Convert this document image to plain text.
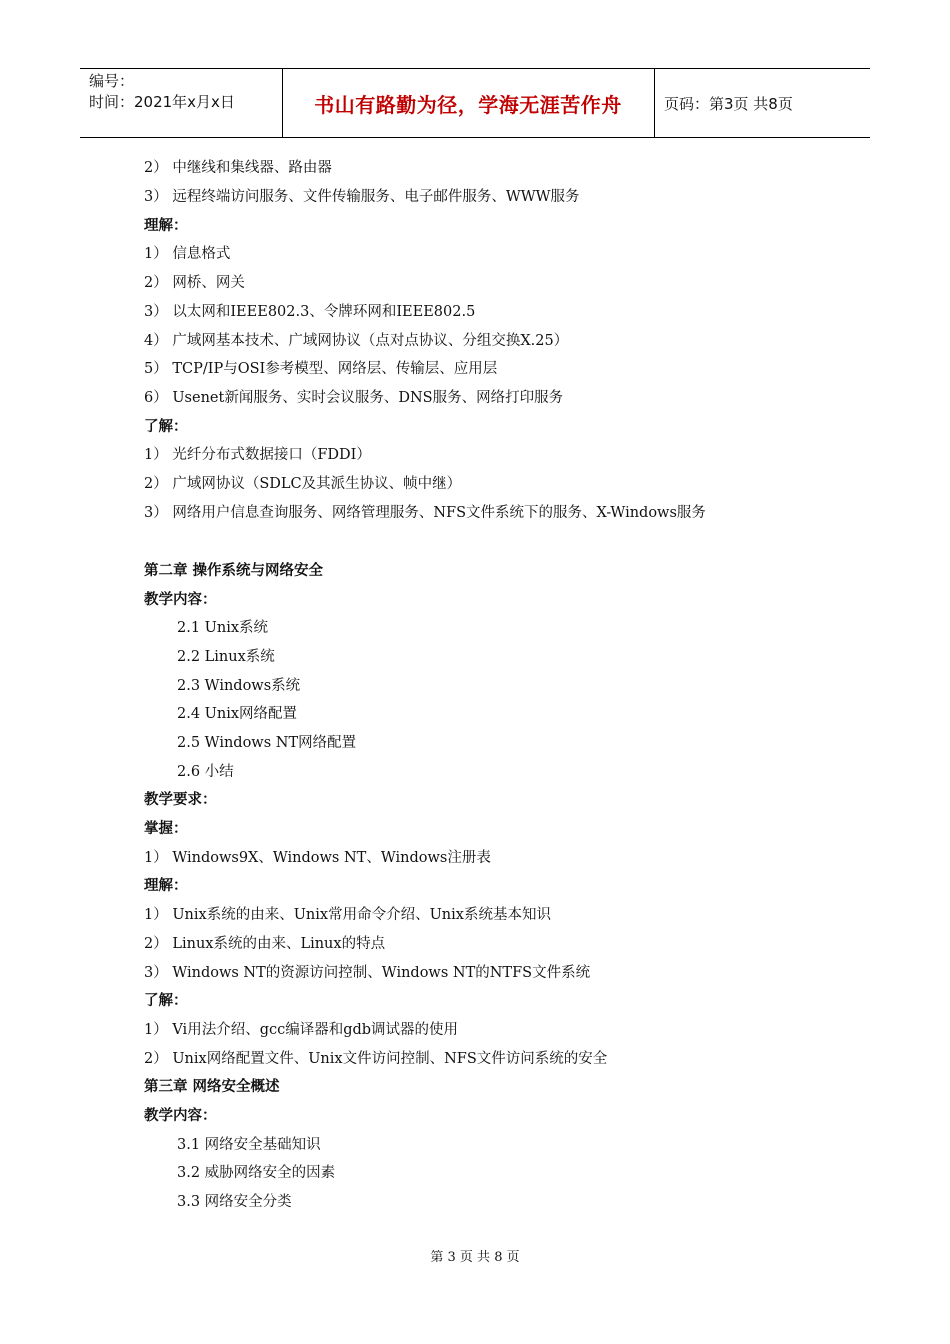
编号：
时间：2021年x月x日	书山有路勤为径，学海无涯苦作舟	页码：第3页 共8页
2） 中继线和集线器、路由器
3） 远程终端访问服务、文件传输服务、电子邮件服务、WWW服务
理解：
1） 信息格式
2） 网桥、网关
3） 以太网和IEEE802.3、令牌环网和IEEE802.5
4） 广域网基本技术、广域网协议（点对点协议、分组交换X.25）
5） TCP/IP与OSI参考模型、网络层、传输层、应用层
6） Usenet新闻服务、实时会议服务、DNS服务、网络打印服务
了解：
1） 光纤分布式数据接口（FDDI）
2） 广域网协议（SDLC及其派生协议、帧中继）
3） 网络用户信息查询服务、网络管理服务、NFS文件系统下的服务、X-Windows服务
第二章 操作系统与网络安全
教学内容：
2.1 Unix系统
2.2 Linux系统
2.3 Windows系统
2.4 Unix网络配置
2.5 Windows NT网络配置
2.6 小结
教学要求：
掌握：
1） Windows9X、Windows NT、Windows注册表
理解：
1） Unix系统的由来、Unix常用命令介绍、Unix系统基本知识
2） Linux系统的由来、Linux的特点
3） Windows NT的资源访问控制、Windows NT的NTFS文件系统
了解：
1） Vi用法介绍、gcc编译器和gdb调试器的使用
2） Unix网络配置文件、Unix文件访问控制、NFS文件访问系统的安全
第三章 网络安全概述
教学内容：
3.1 网络安全基础知识
3.2 威胁网络安全的因素
3.3 网络安全分类
第 3 页 共 8 页
